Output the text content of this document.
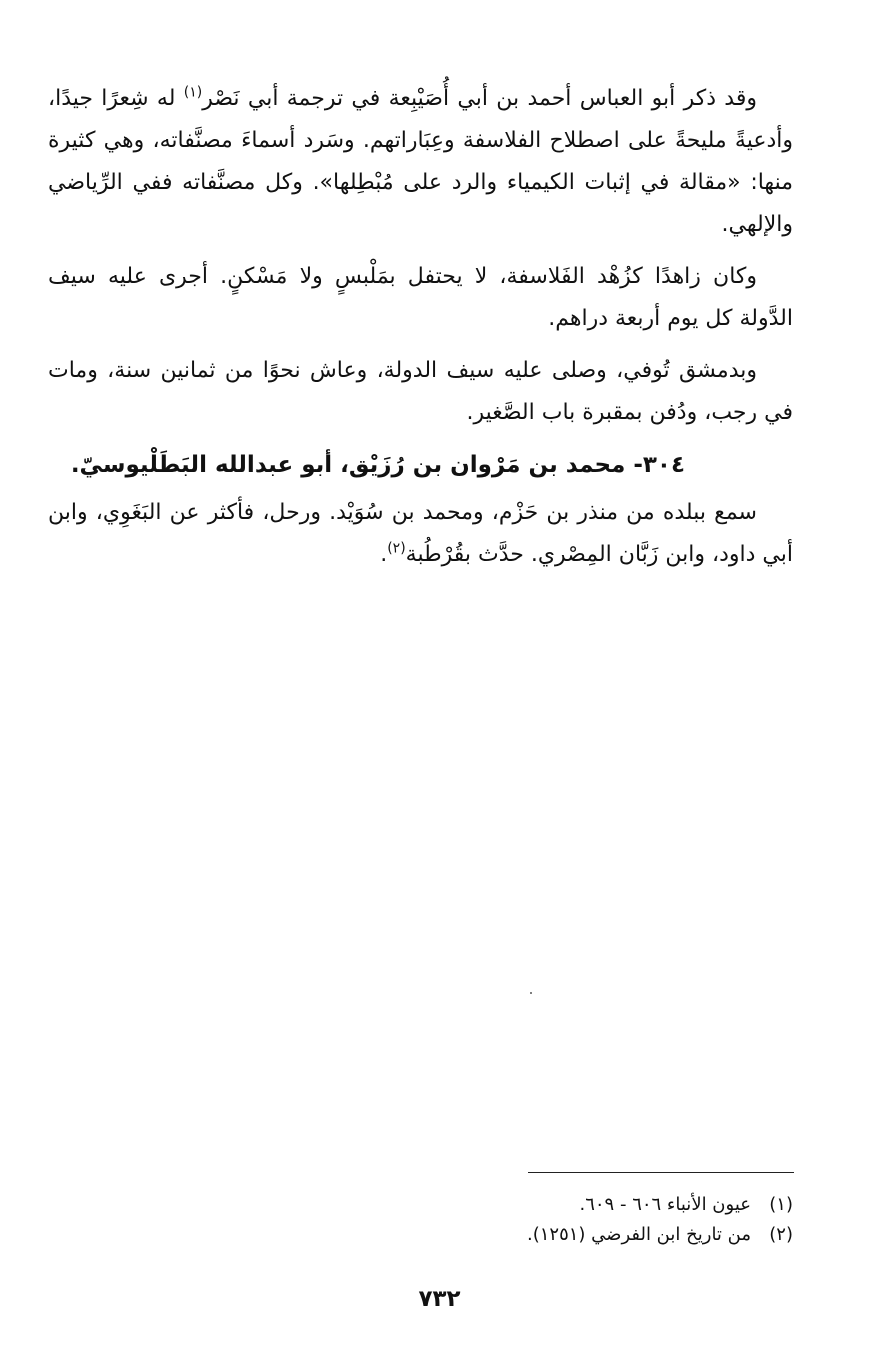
وقد ذكر أبو العباس أحمد بن أبي أُصَيْبِعة في ترجمة أبي نَصْر$^{(١)}$ له شِعرًا جيدًا، وأدعيةً مليحةً على اصطلاح الفلاسفة وعِبَاراتهم. وسَرد أسماءَ مصنَّفاته، وهي كثيرة منها: «مقالة في إثبات الكيمياء والرد على مُبْطِلها». وكل مصنَّفاته ففي الرِّياضي والإلهي.

وكان زاهدًا كزُهْد الفَلاسفة، لا يحتفل بمَلْبسٍ ولا مَسْكنٍ. أجرى عليه سيف الدَّولة كل يوم أربعة دراهم.

وبدمشق تُوفي، وصلى عليه سيف الدولة، وعاش نحوًا من ثمانين سنة، ومات في رجب، ودُفن بمقبرة باب الصَّغير.

٣٠٤- محمد بن مَرْوان بن رُزَيْق، أبو عبدالله البَطَلْيوسيّ.

سمع ببلده من منذر بن حَزْم، ومحمد بن سُوَيْد. ورحل، فأكثر عن البَغَوِي، وابن أبي داود، وابن زَبَّان المِصْري. حدَّث بقُرْطُبة$^{(٢)}$.

(١)عيون الأنباء ٦٠٦ - ٦٠٩.

(٢)من تاريخ ابن الفرضي (١٢٥١).

٧٣٢
